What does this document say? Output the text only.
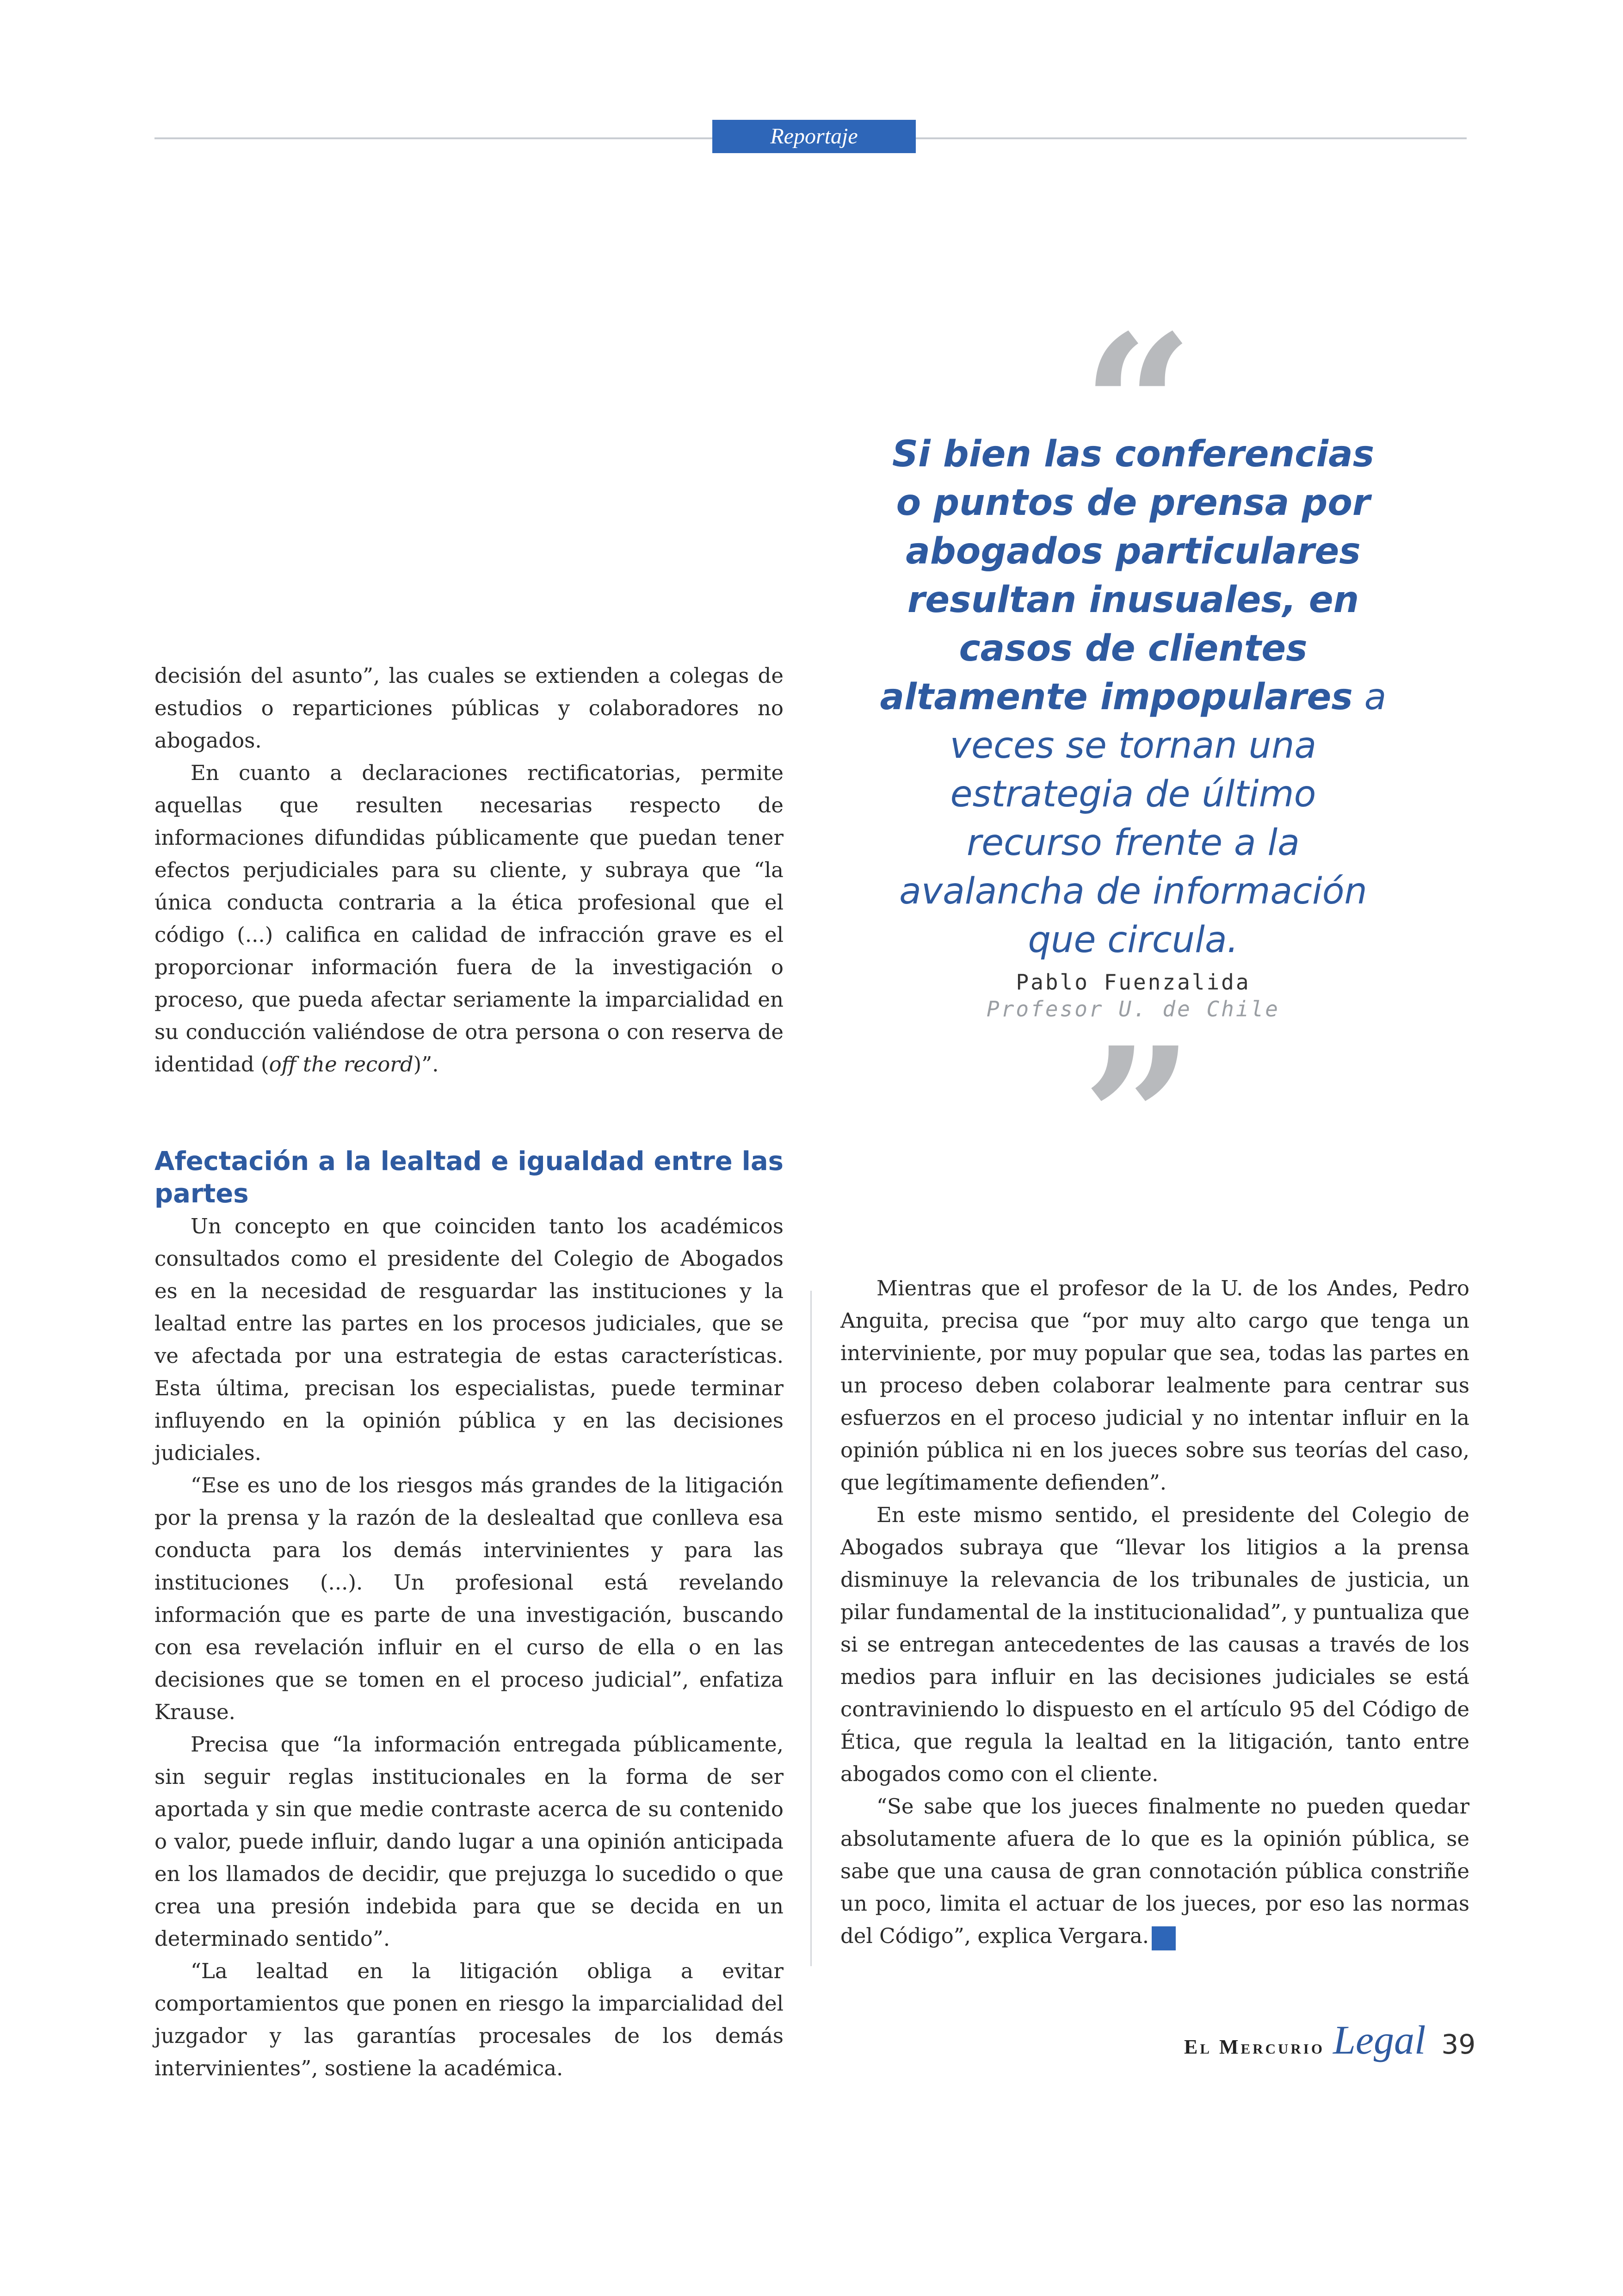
Reportaje

decisión del asunto”, las cuales se extienden a colegas de estudios o reparticiones públicas y colaboradores no abogados.

En cuanto a declaraciones rectificatorias, permite aquellas que resulten necesarias respecto de informaciones difundidas públicamente que puedan tener efectos perjudiciales para su cliente, y subraya que “la única conducta contraria a la ética profesional que el código (...) califica en calidad de infracción grave es el proporcionar información fuera de la investigación o proceso, que pueda afectar seriamente la imparcialidad en su conducción valiéndose de otra persona o con reserva de identidad (off the record)”.

Afectación a la lealtad e igualdad entre las partes

Un concepto en que coinciden tanto los académicos consultados como el presidente del Colegio de Abogados es en la necesidad de resguardar las instituciones y la lealtad entre las partes en los procesos judiciales, que se ve afectada por una estrategia de estas características. Esta última, precisan los especialistas, puede terminar influyendo en la opinión pública y en las decisiones judiciales.

“Ese es uno de los riesgos más grandes de la litigación por la prensa y la razón de la deslealtad que conlleva esa conducta para los demás intervinientes y para las instituciones (...). Un profesional está revelando información que es parte de una investigación, buscando con esa revelación influir en el curso de ella o en las decisiones que se tomen en el proceso judicial”, enfatiza Krause.

Precisa que “la información entregada públicamente, sin seguir reglas institucionales en la forma de ser aportada y sin que medie contraste acerca de su contenido o valor, puede influir, dando lugar a una opinión anticipada en los llamados de decidir, que prejuzga lo sucedido o que crea una presión indebida para que se decida en un determinado sentido”.

“La lealtad en la litigación obliga a evitar comportamientos que ponen en riesgo la imparcialidad del juzgador y las garantías procesales de los demás intervinientes”, sostiene la académica.

Mientras que el profesor de la U. de los Andes, Pedro Anguita, precisa que “por muy alto cargo que tenga un interviniente, por muy popular que sea, todas las partes en un proceso deben colaborar lealmente para centrar sus esfuerzos en el proceso judicial y no intentar influir en la opinión pública ni en los jueces sobre sus teorías del caso, que legítimamente defienden”.

En este mismo sentido, el presidente del Colegio de Abogados subraya que “llevar los litigios a la prensa disminuye la relevancia de los tribunales de justicia, un pilar fundamental de la institucionalidad”, y puntualiza que si se entregan antecedentes de las causas a través de los medios para influir en las decisiones judiciales se está contraviniendo lo dispuesto en el artículo 95 del Código de Ética, que regula la lealtad en la litigación, tanto entre abogados como con el cliente.

“Se sabe que los jueces finalmente no pueden quedar absolutamente afuera de lo que es la opinión pública, se sabe que una causa de gran connotación pública constriñe un poco, limita el actuar de los jueces, por eso las normas del Código”, explica Vergara. L

“
Si bien las conferencias o puntos de prensa por abogados particulares resultan inusuales, en casos de clientes altamente impopulares a veces se tornan una estrategia de último recurso frente a la avalancha de información que circula.
Pablo Fuenzalida
Profesor U. de Chile
”
El Mercurio Legal 39
